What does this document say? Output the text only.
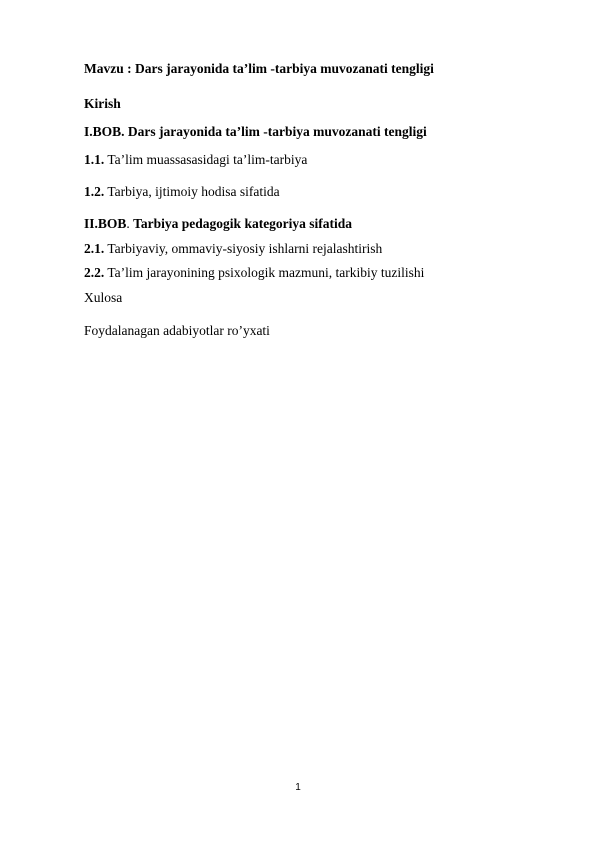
Mavzu : Dars jarayonida ta’lim -tarbiya muvozanati tengligi
Kirish
I.BOB. Dars jarayonida ta’lim -tarbiya muvozanati tengligi
1.1. Ta’lim muassasasidagi ta’lim-tarbiya
1.2. Tarbiya, ijtimoiy hodisa sifatida
II.BOB. Tarbiya pedagogik kategoriya sifatida
2.1. Tarbiyaviy, ommaviy-siyosiy ishlarni rejalashtirish
2.2. Ta’lim jarayonining psixologik mazmuni, tarkibiy tuzilishi
Xulosa
Foydalanagan adabiyotlar ro’yxati
1
